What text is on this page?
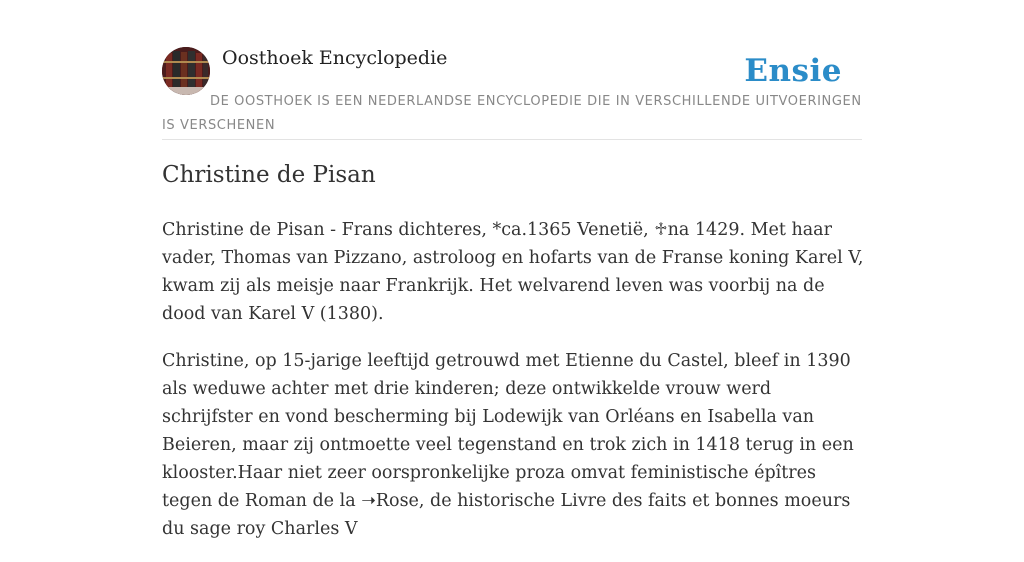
Oosthoek Encyclopedie	Ensie
DE OOSTHOEK IS EEN NEDERLANDSE ENCYCLOPEDIE DIE IN VERSCHILLENDE UITVOERINGEN IS VERSCHENEN
Christine de Pisan

Christine de Pisan - Frans dichteres, *ca.1365 Venetië, ♱na 1429. Met haar vader, Thomas van Pizzano, astroloog en hofarts van de Franse koning Karel V, kwam zij als meisje naar Frankrijk. Het welvarend leven was voorbij na de dood van Karel V (1380).

Christine, op 15-jarige leeftijd getrouwd met Etienne du Castel, bleef in 1390 als weduwe achter met drie kinderen; deze ontwikkelde vrouw werd schrijfster en vond bescherming bij Lodewijk van Orléans en Isabella van Beieren, maar zij ontmoette veel tegenstand en trok zich in 1418 terug in een klooster.Haar niet zeer oorspronkelijke proza omvat feministische épîtres tegen de Roman de la ➝Rose, de historische Livre des faits et bonnes moeurs du sage roy Charles V
